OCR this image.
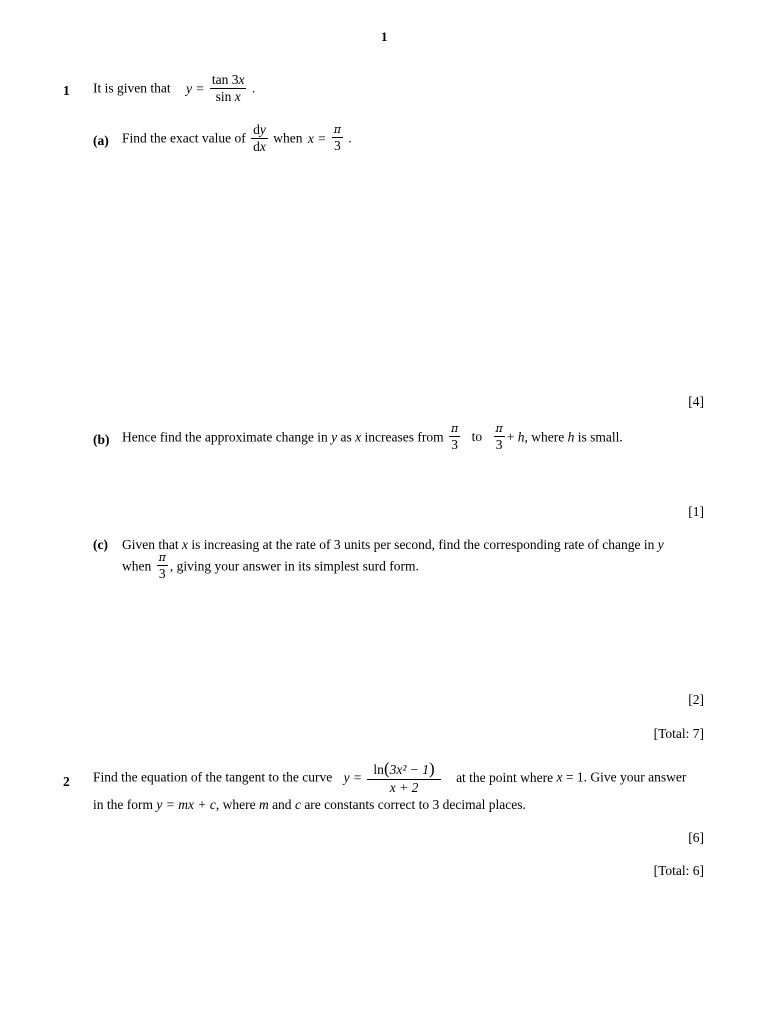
1
1 It is given that $y = \frac{\tan 3x}{\text{sin x}}$ .
(a) Find the exact value of $\frac{dy}{dx}$ when $x = \frac{\pi}{3}$ .
[4]
(b) Hence find the approximate change in y as x increases from $\frac{\pi}{3}$ to $\frac{\pi}{3} + h$, where h is small.
[1]
(c) Given that x is increasing at the rate of 3 units per second, find the corresponding rate of change in y
when $\frac{\pi}{3}$ , giving your answer in its simplest surd form.
[2]
[Total: 7]
2 Find the equation of the tangent to the curve $y = \frac{\text{ln(3x² − 1)}}{x + 2}$ at the point where x = 1. Give your answer
in the form y = mx + c, where m and c are constants correct to 3 decimal places.
[6]
[Total: 6]
